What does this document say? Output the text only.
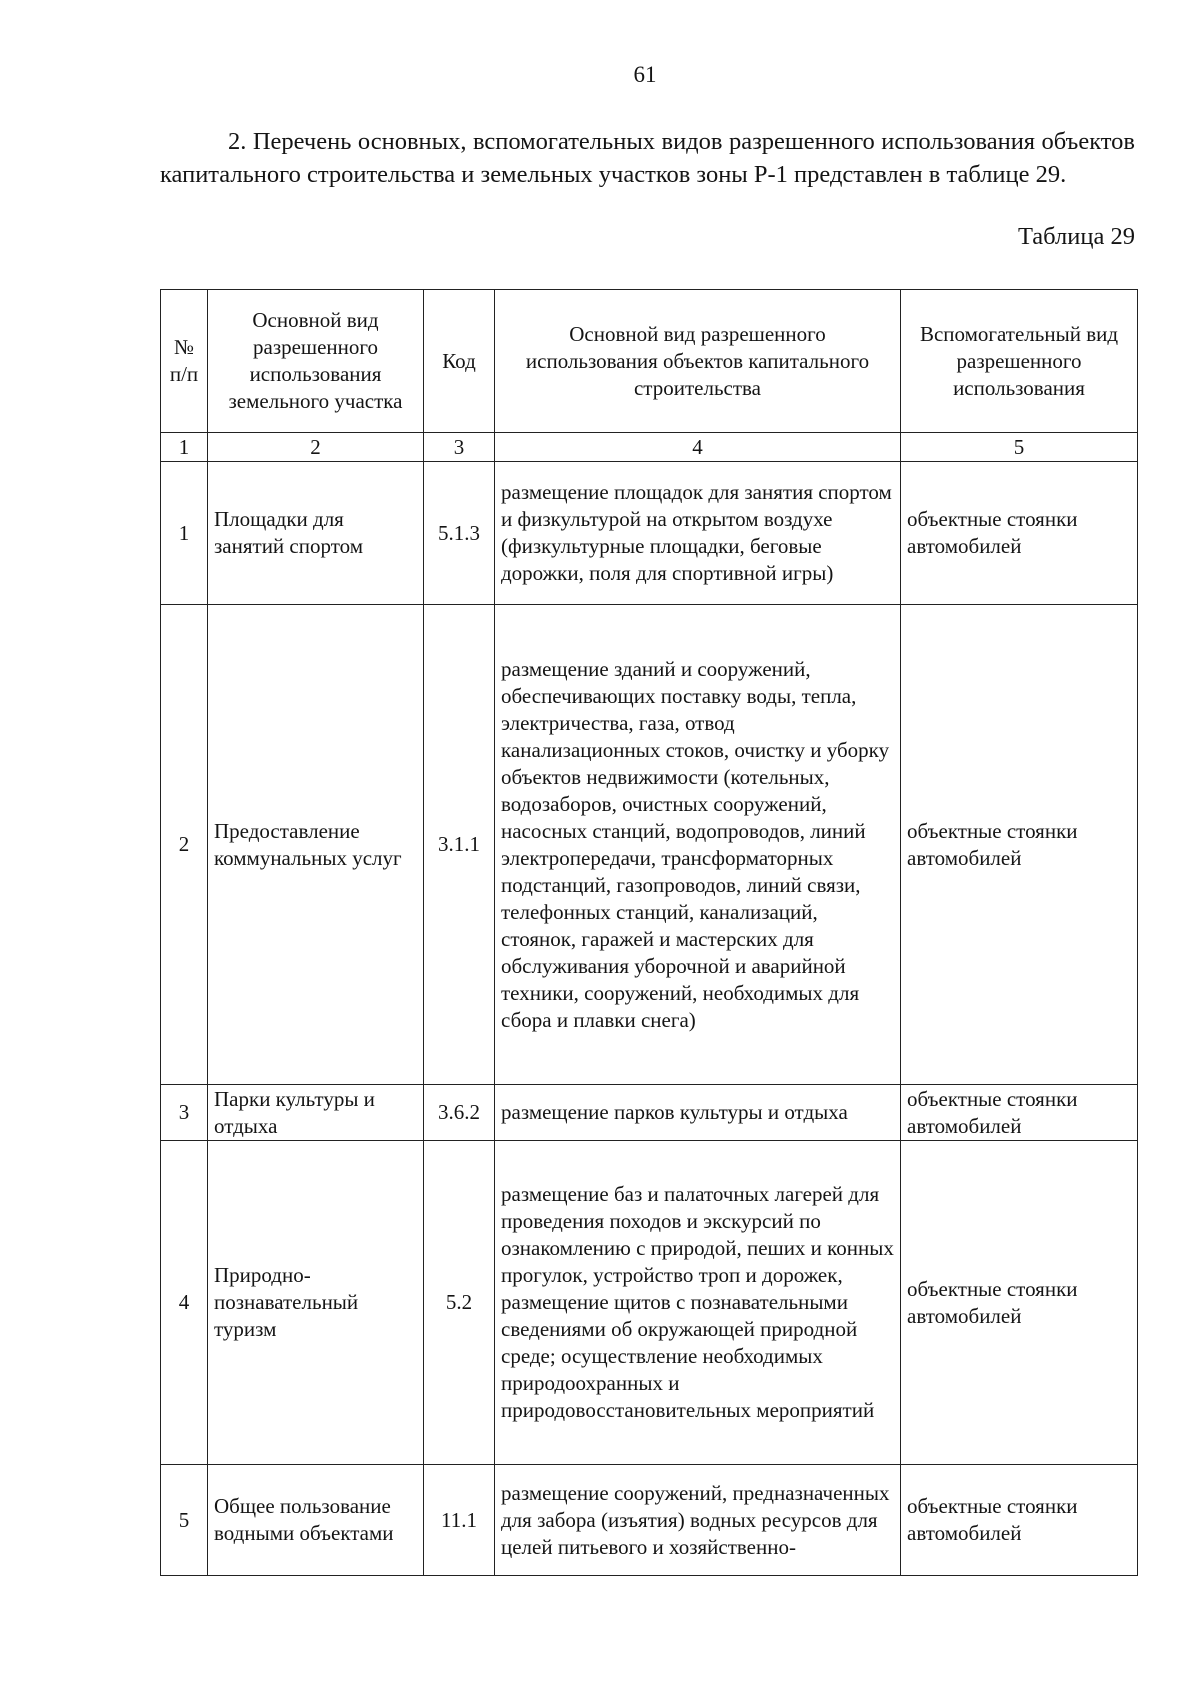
61

2. Перечень основных, вспомогательных видов разрешенного использования объектов капитального строительства и земельных участков зоны Р-1 представлен в таблице 29.

Таблица 29
№ п/п	Основной вид разрешенного использования земельного участка	Код	Основной вид разрешенного использования объектов капитального строительства	Вспомогательный вид разрешенного использования
1	2	3	4	5
1	Площадки для занятий спортом	5.1.3	размещение площадок для занятия спортом и физкультурой на открытом воздухе (физкультурные площадки, беговые дорожки, поля для спортивной игры)	объектные стоянки автомобилей
2	Предоставление коммунальных услуг	3.1.1	размещение зданий и сооружений, обеспечивающих поставку воды, тепла, электричества, газа, отвод канализационных стоков, очистку и уборку объектов недвижимости (котельных, водозаборов, очистных сооружений, насосных станций, водопроводов, линий электропередачи, трансформаторных подстанций, газопроводов, линий связи, телефонных станций, канализаций, стоянок, гаражей и мастерских для обслуживания уборочной и аварийной техники, сооружений, необходимых для сбора и плавки снега)	объектные стоянки автомобилей
3	Парки культуры и отдыха	3.6.2	размещение парков культуры и отдыха	объектные стоянки автомобилей
4	Природно-познавательный туризм	5.2	размещение баз и палаточных лагерей для проведения походов и экскурсий по ознакомлению с природой, пеших и конных прогулок, устройство троп и дорожек, размещение щитов с познавательными сведениями об окружающей природной среде; осуществление необходимых природоохранных и природовосстановительных мероприятий	объектные стоянки автомобилей
5	Общее пользование водными объектами	11.1	размещение сооружений, предназначенных для забора (изъятия) водных ресурсов для целей питьевого и хозяйственно-	объектные стоянки автомобилей
